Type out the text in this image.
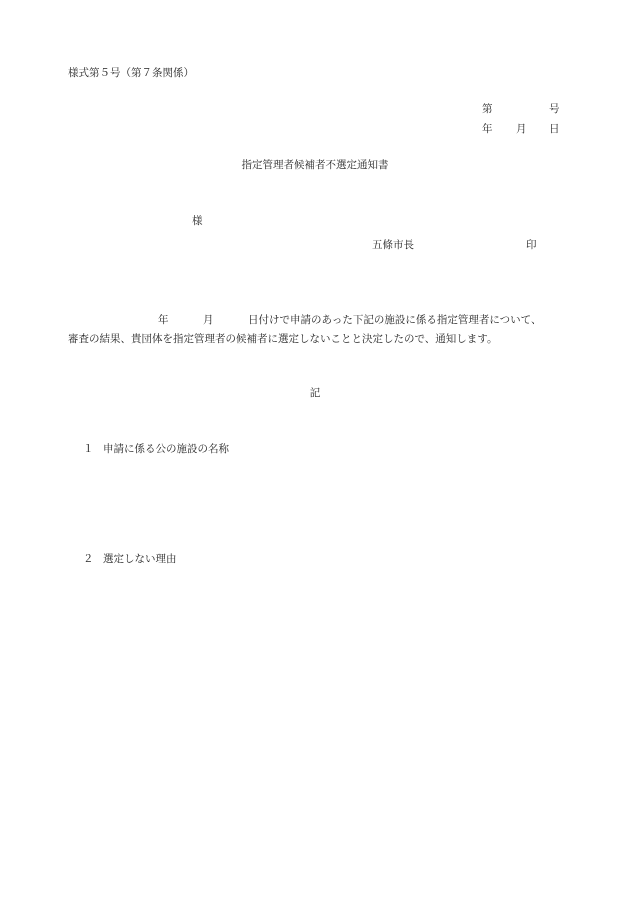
様式第５号（第７条関係）
第	号
年 月 日
指定管理者候補者不選定通知書
様
五條市長	印
年	月	日付けで申請のあった下記の施設に係る指定管理者について、
審査の結果、貴団体を指定管理者の候補者に選定しないことと決定したので、通知します。
記
１ 申請に係る公の施設の名称
２ 選定しない理由
